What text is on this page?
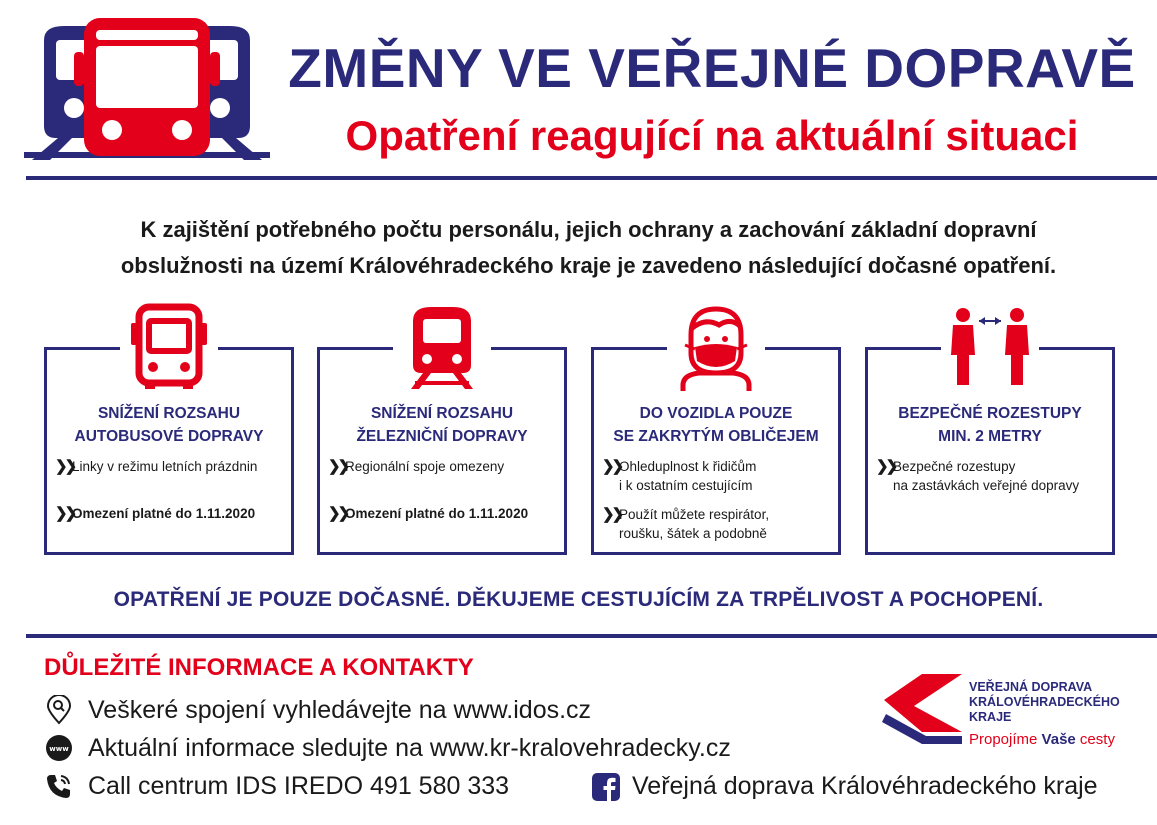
ZMĚNY VE VEŘEJNÉ DOPRAVĚ
Opatření reagující na aktuální situaci
K zajištění potřebného počtu personálu, jejich ochrany a zachování základní dopravní
obslužnosti na území Královéhradeckého kraje je zavedeno následující dočasné opatření.
SNÍŽENÍ ROZSAHU
AUTOBUSOVÉ DOPRAVY
❯❯Linky v režimu letních prázdnin
❯❯Omezení platné do 1.11.2020
SNÍŽENÍ ROZSAHU
ŽELEZNIČNÍ DOPRAVY
❯❯Regionální spoje omezeny
❯❯Omezení platné do 1.11.2020
DO VOZIDLA POUZE
SE ZAKRYTÝM OBLIČEJEM
❯❯Ohleduplnost k řidičům
i k ostatním cestujícím
❯❯Použít můžete respirátor,
roušku, šátek a podobně
BEZPEČNÉ ROZESTUPY
MIN. 2 METRY
❯❯Bezpečné rozestupy
na zastávkách veřejné dopravy
OPATŘENÍ JE POUZE DOČASNÉ. DĚKUJEME CESTUJÍCÍM ZA TRPĚLIVOST A POCHOPENÍ.
DŮLEŽITÉ INFORMACE A KONTAKTY
Veškeré spojení vyhledávejte na www.idos.cz
www Aktuální informace sledujte na www.kr-kralovehradecky.cz
Call centrum IDS IREDO 491 580 333
VEŘEJNÁ DOPRAVA
KRÁLOVÉHRADECKÉHO
KRAJE
Propojíme Vaše cesty
Veřejná doprava Královéhradeckého kraje
